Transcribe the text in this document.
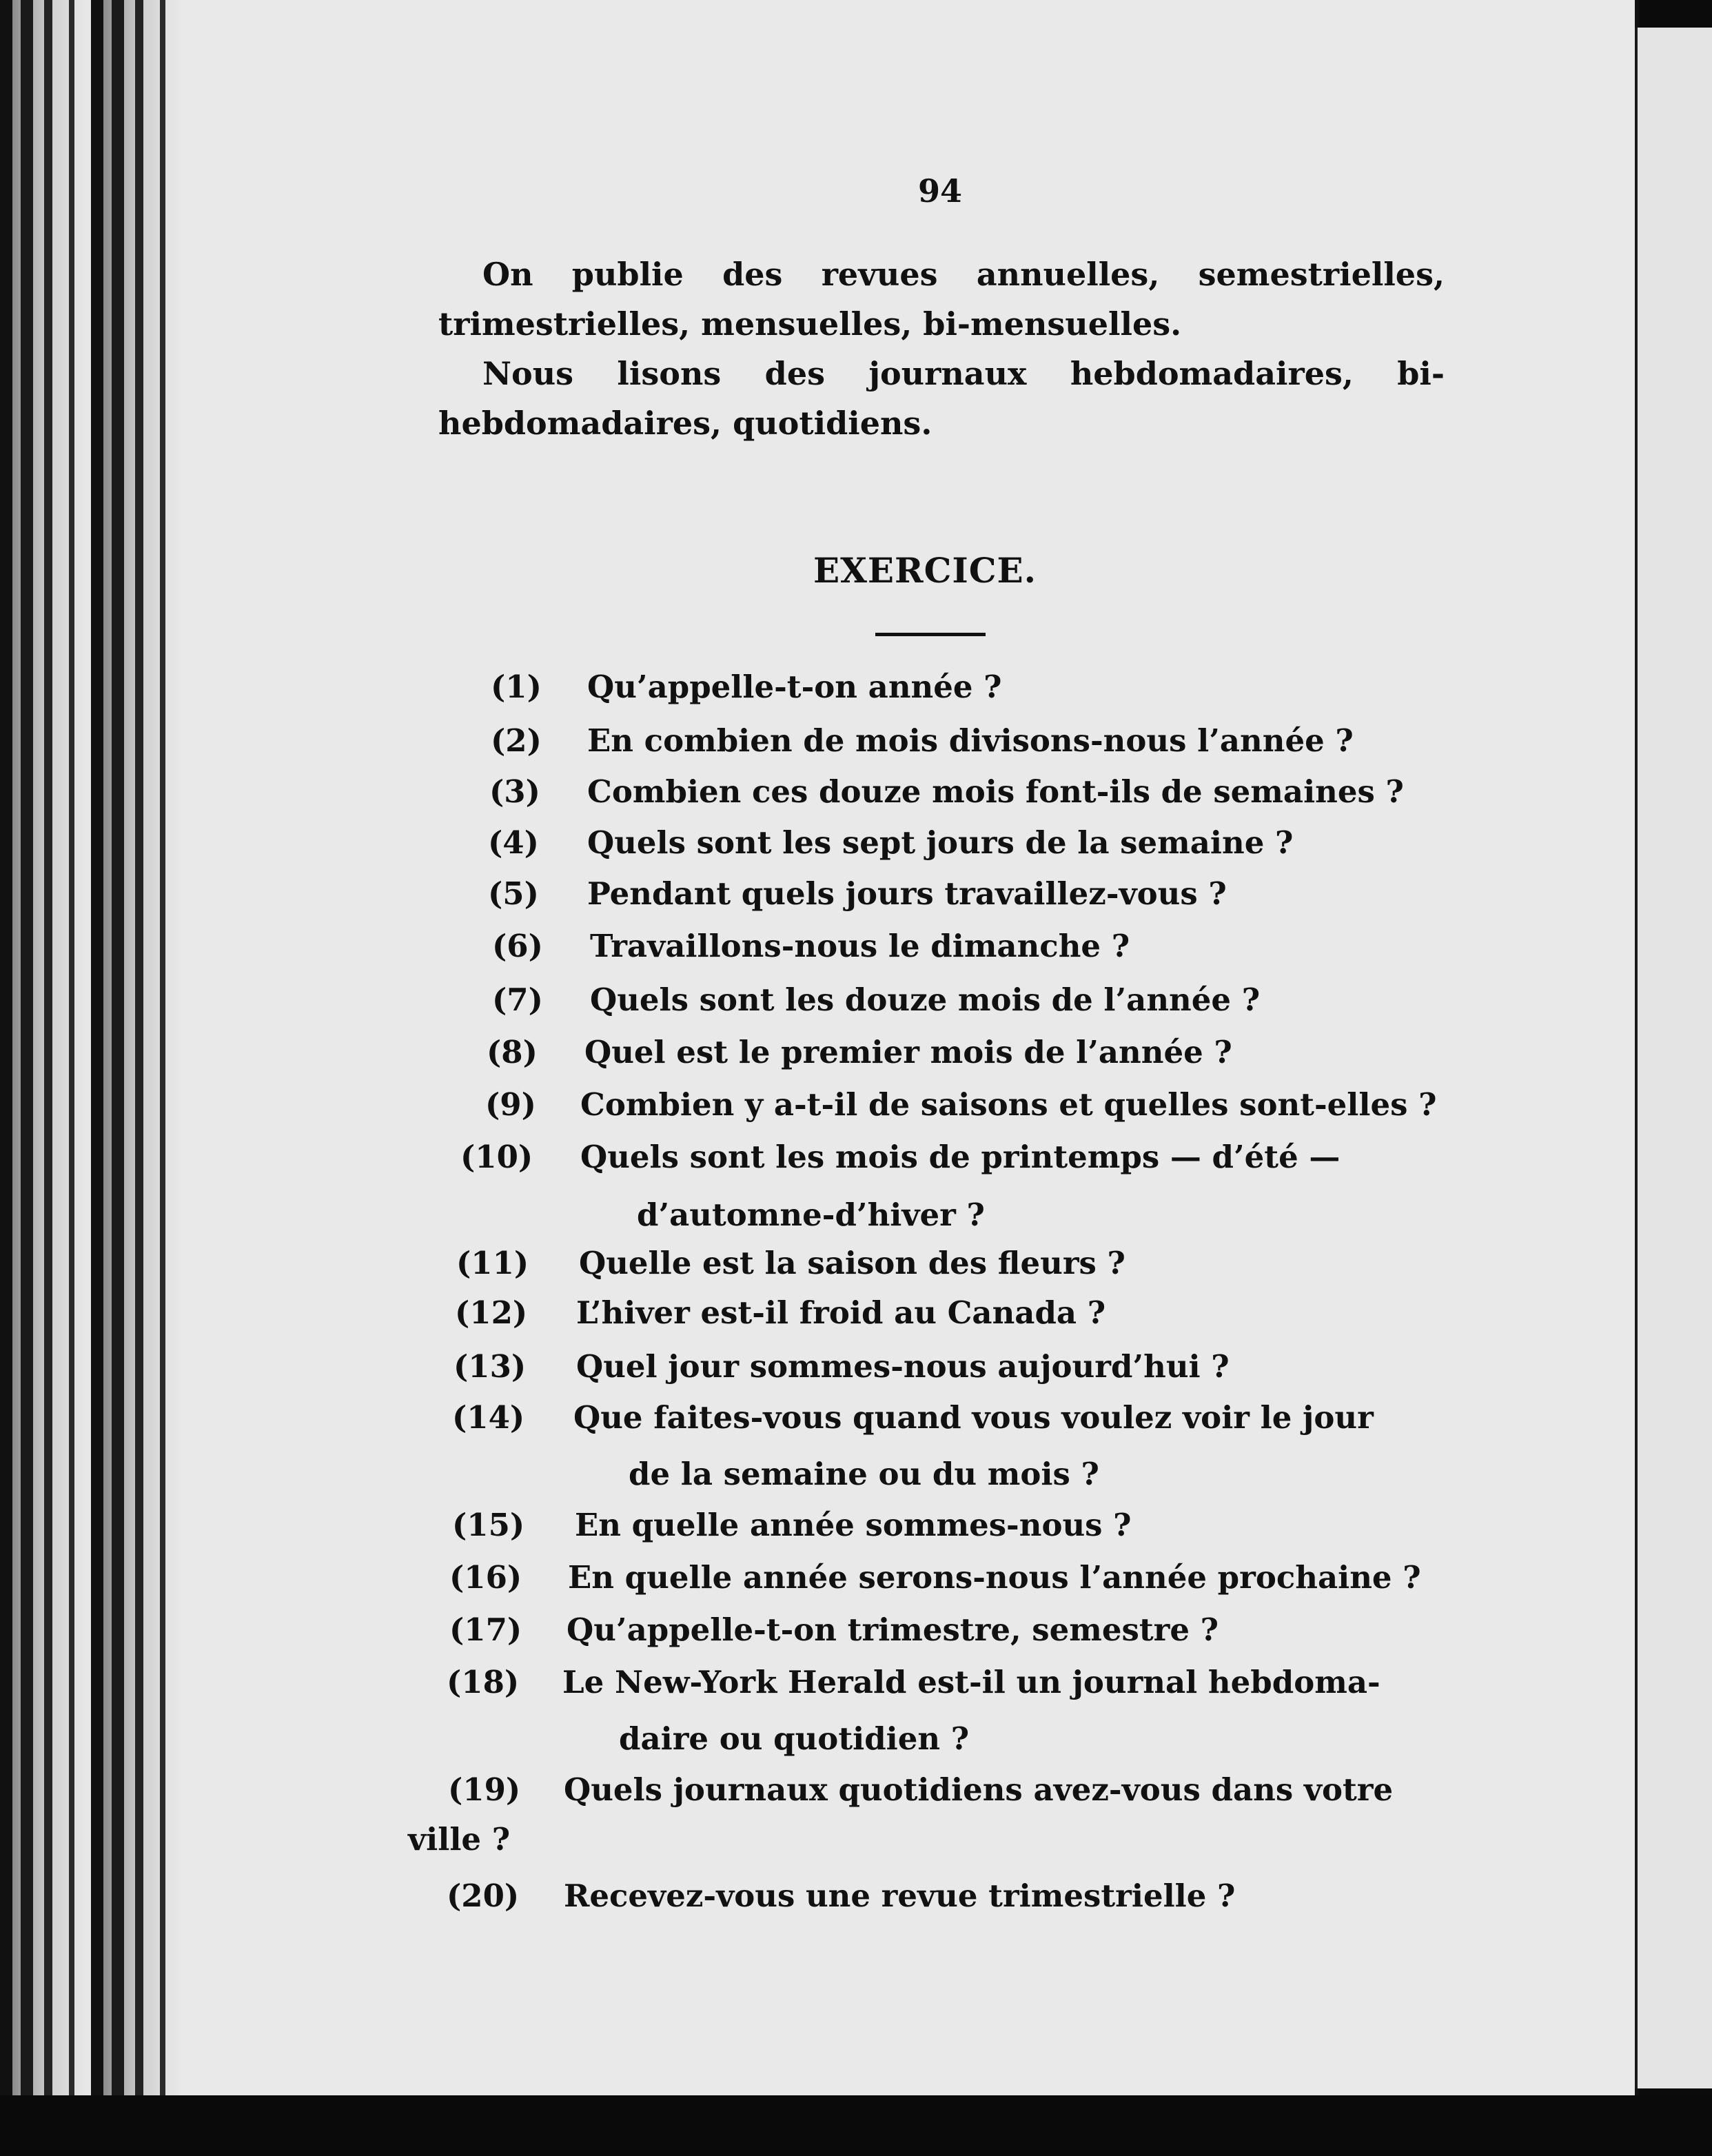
94
On publie des revues annuelles, semestrielles, trimestrielles, mensuelles, bi-mensuelles.
Nous lisons des journaux hebdomadaires, bi-hebdomadaires, quotidiens.
EXERCICE.
(1) Qu’appelle-t-on année ?
(2) En combien de mois divisons-nous l’année ?
(3) Combien ces douze mois font-ils de semaines ?
(4) Quels sont les sept jours de la semaine ?
(5) Pendant quels jours travaillez-vous ?
(6) Travaillons-nous le dimanche ?
(7) Quels sont les douze mois de l’année ?
(8) Quel est le premier mois de l’année ?
(9) Combien y a-t-il de saisons et quelles sont-elles ?
(10) Quels sont les mois de printemps — d’été —
d’automne-d’hiver ?
(11) Quelle est la saison des fleurs ?
(12) L’hiver est-il froid au Canada ?
(13) Quel jour sommes-nous aujourd’hui ?
(14) Que faites-vous quand vous voulez voir le jour
de la semaine ou du mois ?
(15) En quelle année sommes-nous ?
(16) En quelle année serons-nous l’année prochaine ?
(17) Qu’appelle-t-on trimestre, semestre ?
(18) Le New-York Herald est-il un journal hebdoma-
daire ou quotidien ?
(19) Quels journaux quotidiens avez-vous dans votre
ville ?
(20) Recevez-vous une revue trimestrielle ?
